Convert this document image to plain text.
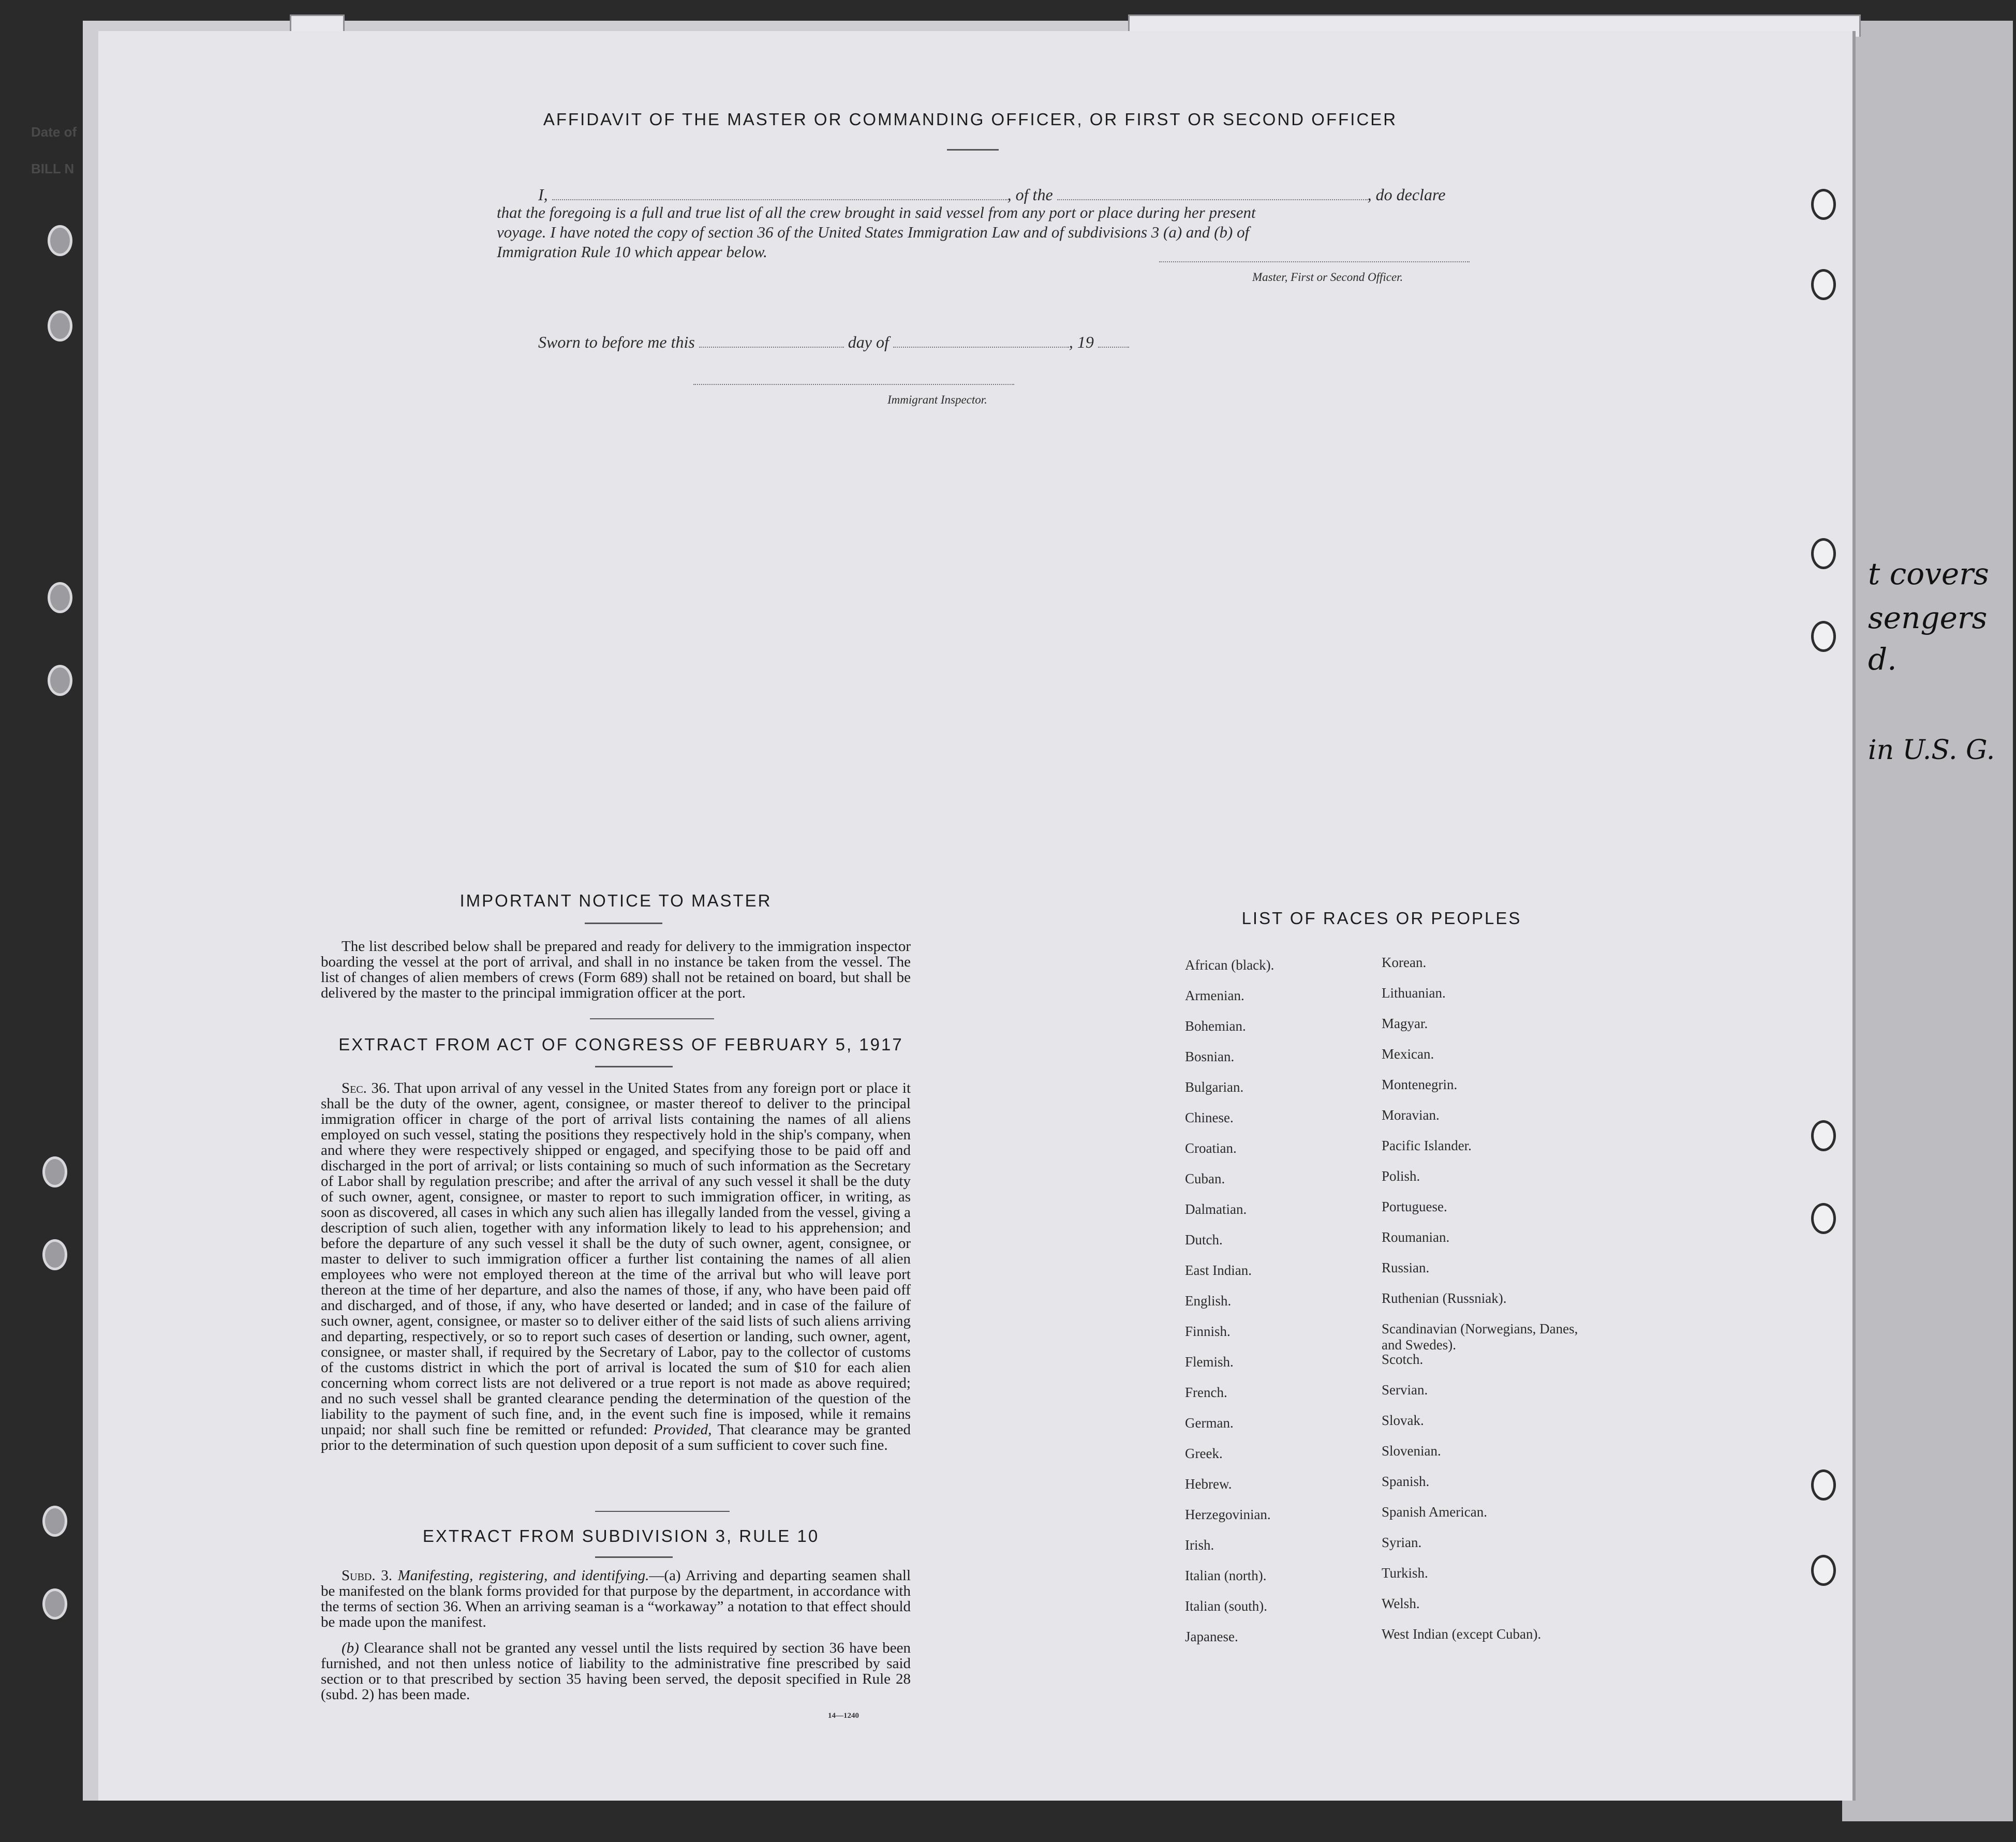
Date of
BILL N
t covers
sengers
d.
in U.S. G.
AFFIDAVIT OF THE MASTER OR COMMANDING OFFICER, OR FIRST OR SECOND OFFICER
I,	, of the	, do declare
that the foregoing is a full and true list of all the crew brought in said vessel from any port or place during her present
voyage. I have noted the copy of section 36 of the United States Immigration Law and of subdivisions 3 (a) and (b) of
Immigration Rule 10 which appear below.
Master, First or Second Officer.
Sworn to before me this	day of	, 19
Immigrant Inspector.
IMPORTANT NOTICE TO MASTER
The list described below shall be prepared and ready for delivery to the immigration inspector boarding the vessel at the port of arrival, and shall in no instance be taken from the vessel. The list of changes of alien members of crews (Form 689) shall not be retained on board, but shall be delivered by the master to the principal immigration officer at the port.
EXTRACT FROM ACT OF CONGRESS OF FEBRUARY 5, 1917
Sec. 36. That upon arrival of any vessel in the United States from any foreign port or place it shall be the duty of the owner, agent, consignee, or master thereof to deliver to the principal immigration officer in charge of the port of arrival lists containing the names of all aliens employed on such vessel, stating the positions they respectively hold in the ship's company, when and where they were respectively shipped or engaged, and specifying those to be paid off and discharged in the port of arrival; or lists containing so much of such information as the Secretary of Labor shall by regulation prescribe; and after the arrival of any such vessel it shall be the duty of such owner, agent, consignee, or master to report to such immigration officer, in writing, as soon as discovered, all cases in which any such alien has illegally landed from the vessel, giving a description of such alien, together with any information likely to lead to his apprehension; and before the departure of any such vessel it shall be the duty of such owner, agent, consignee, or master to deliver to such immigration officer a further list containing the names of all alien employees who were not employed thereon at the time of the arrival but who will leave port thereon at the time of her departure, and also the names of those, if any, who have been paid off and discharged, and of those, if any, who have deserted or landed; and in case of the failure of such owner, agent, consignee, or master so to deliver either of the said lists of such aliens arriving and departing, respectively, or so to report such cases of desertion or landing, such owner, agent, consignee, or master shall, if required by the Secretary of Labor, pay to the collector of customs of the customs district in which the port of arrival is located the sum of $10 for each alien concerning whom correct lists are not delivered or a true report is not made as above required; and no such vessel shall be granted clearance pending the determination of the question of the liability to the payment of such fine, and, in the event such fine is imposed, while it remains unpaid; nor shall such fine be remitted or refunded: Provided, That clearance may be granted prior to the determination of such question upon deposit of a sum sufficient to cover such fine.
EXTRACT FROM SUBDIVISION 3, RULE 10
Subd. 3. Manifesting, registering, and identifying.—(a) Arriving and departing seamen shall be manifested on the blank forms provided for that purpose by the department, in accordance with the terms of section 36. When an arriving seaman is a “workaway” a notation to that effect should be made upon the manifest.
(b) Clearance shall not be granted any vessel until the lists required by section 36 have been furnished, and not then unless notice of liability to the administrative fine prescribed by said section or to that prescribed by section 35 having been served, the deposit specified in Rule 28 (subd. 2) has been made.
14—1240
LIST OF RACES OR PEOPLES
African (black).
Armenian.
Bohemian.
Bosnian.
Bulgarian.
Chinese.
Croatian.
Cuban.
Dalmatian.
Dutch.
East Indian.
English.
Finnish.
Flemish.
French.
German.
Greek.
Hebrew.
Herzegovinian.
Irish.
Italian (north).
Italian (south).
Japanese.
Korean.
Lithuanian.
Magyar.
Mexican.
Montenegrin.
Moravian.
Pacific Islander.
Polish.
Portuguese.
Roumanian.
Russian.
Ruthenian (Russniak).
Scandinavian (Norwegians, Danes, and Swedes).
Scotch.
Servian.
Slovak.
Slovenian.
Spanish.
Spanish American.
Syrian.
Turkish.
Welsh.
West Indian (except Cuban).
